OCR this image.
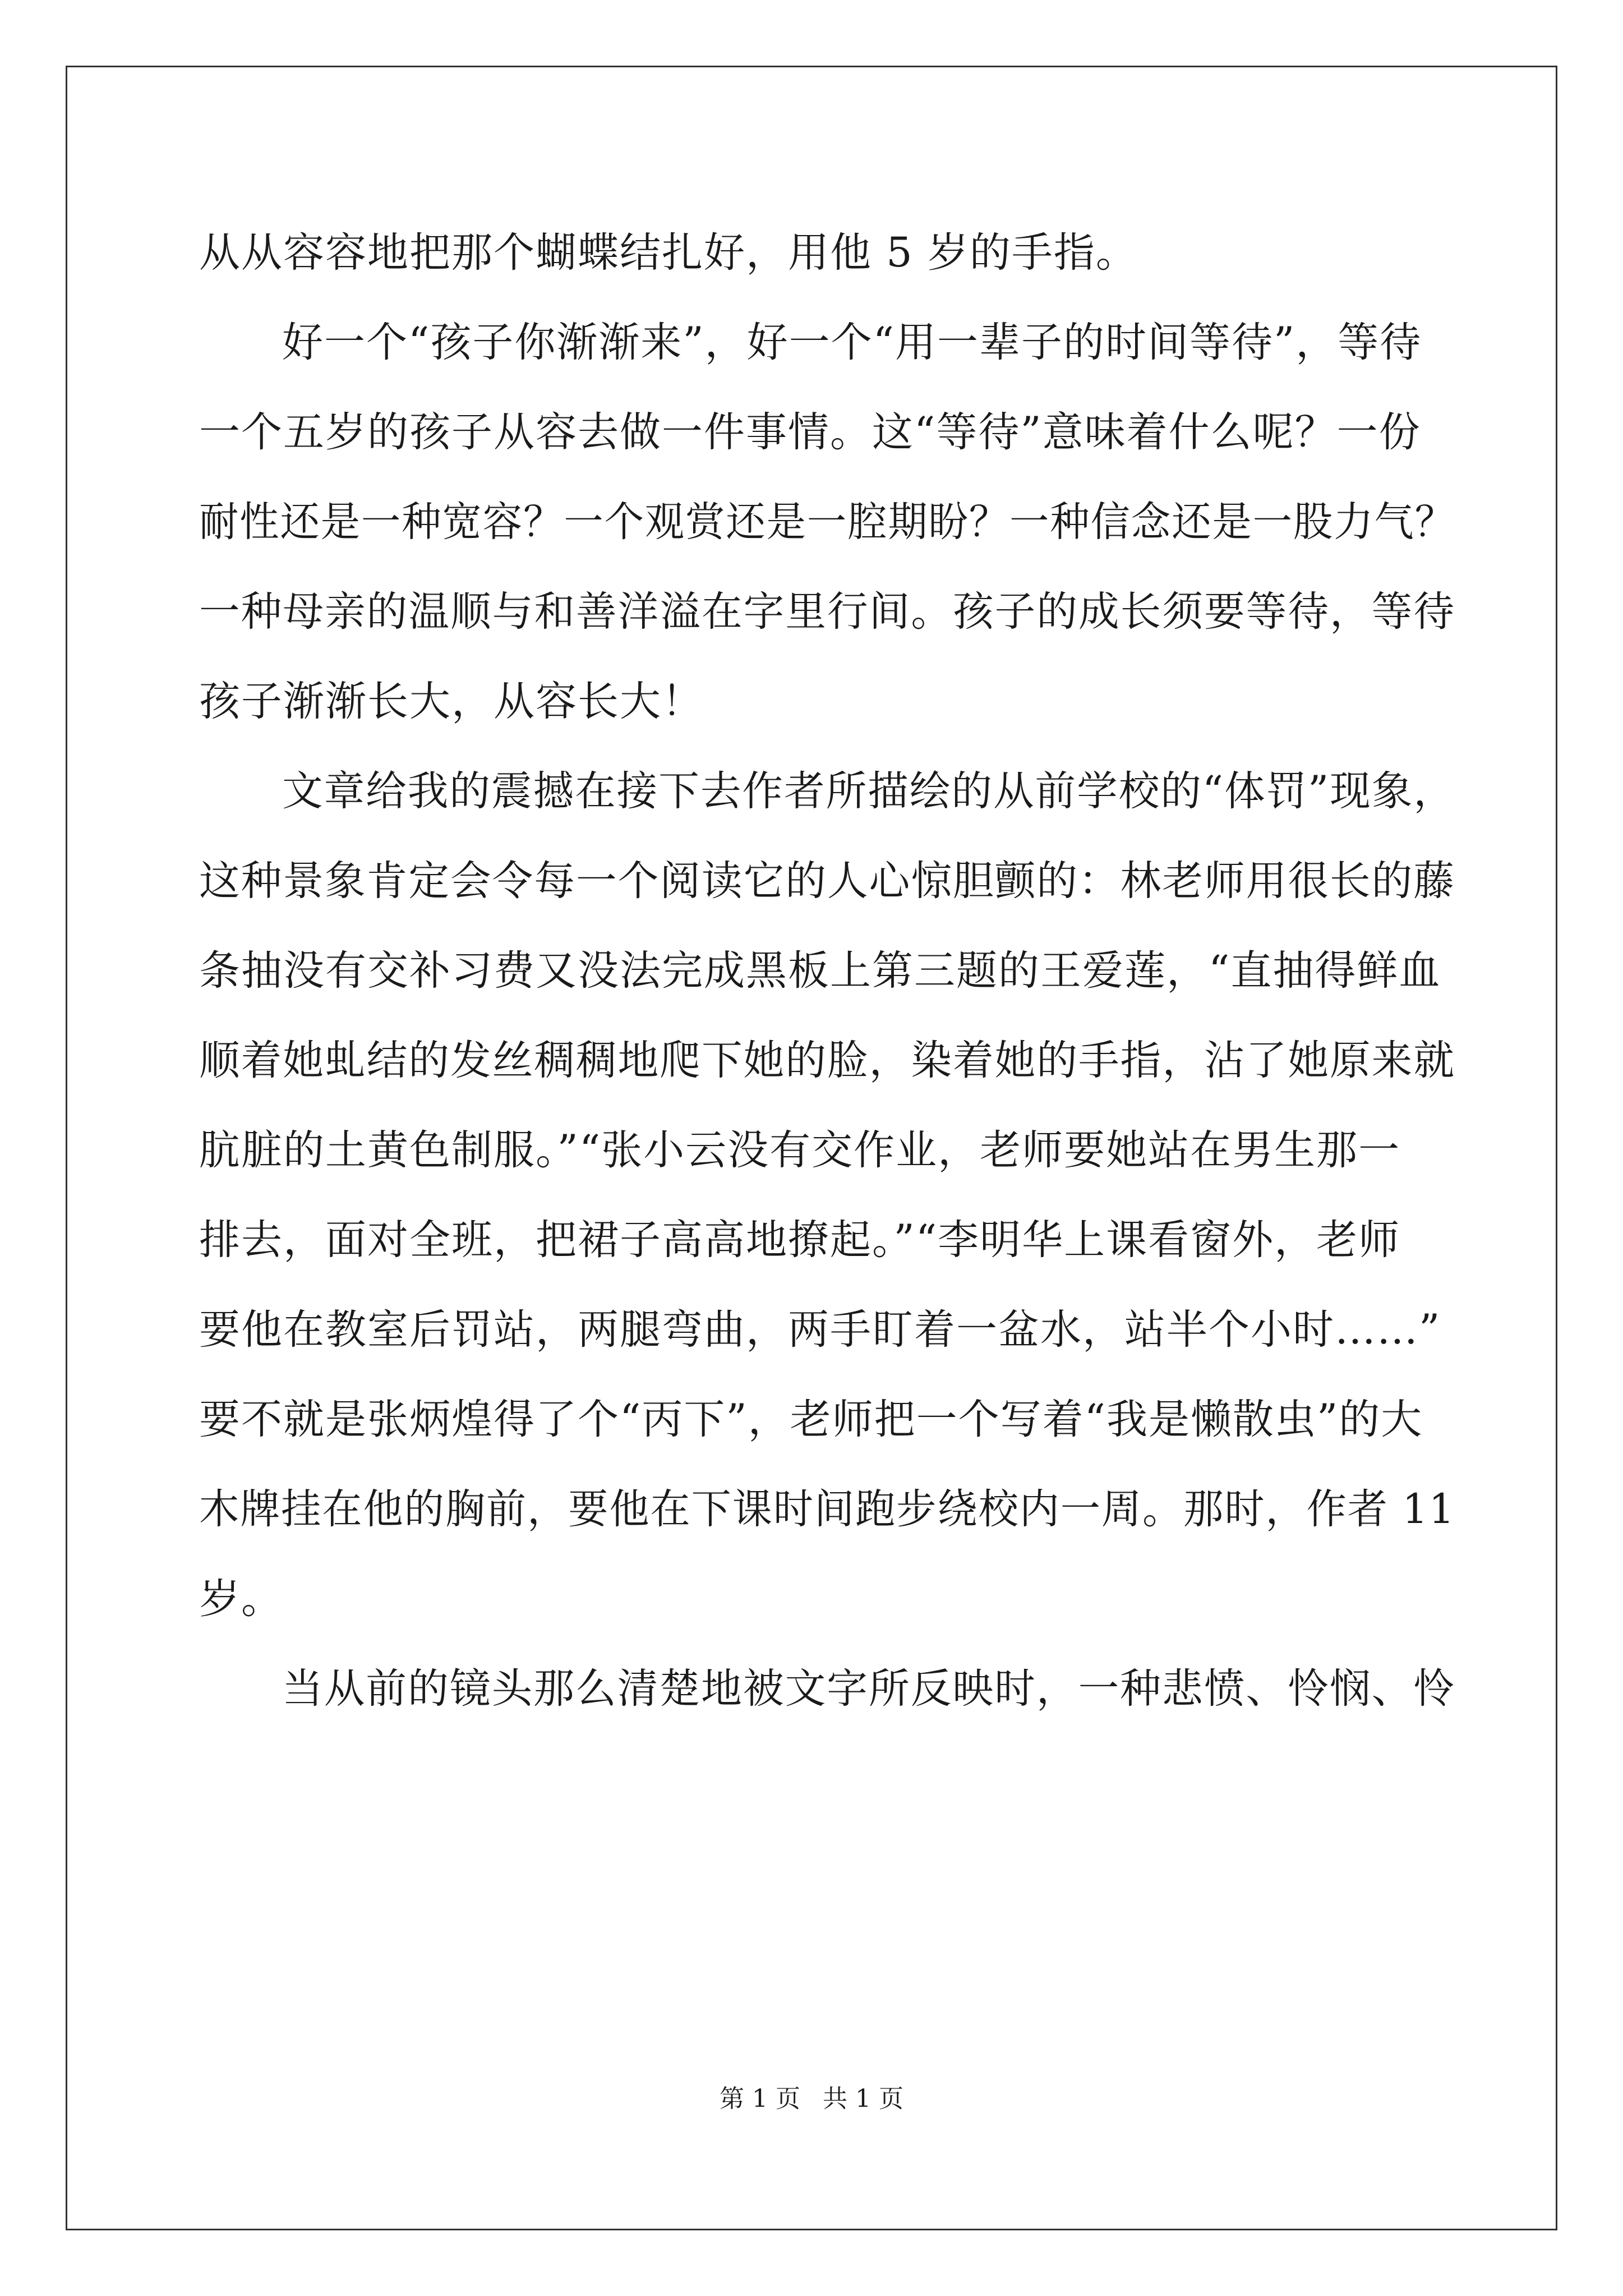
从从容容地把那个蝴蝶结扎好，用他 5 岁的手指。
好一个“孩子你渐渐来”，好一个“用一辈子的时间等待”，等待
一个五岁的孩子从容去做一件事情。这“等待”意味着什么呢？一份
耐性还是一种宽容？一个观赏还是一腔期盼？一种信念还是一股力气？
一种母亲的温顺与和善洋溢在字里行间。孩子的成长须要等待，等待
孩子渐渐长大，从容长大！
文章给我的震撼在接下去作者所描绘的从前学校的“体罚”现象，
这种景象肯定会令每一个阅读它的人心惊胆颤的：林老师用很长的藤
条抽没有交补习费又没法完成黑板上第三题的王爱莲，“直抽得鲜血
顺着她虬结的发丝稠稠地爬下她的脸，染着她的手指，沾了她原来就
肮脏的土黄色制服。”“张小云没有交作业，老师要她站在男生那一
排去，面对全班，把裙子高高地撩起。”“李明华上课看窗外，老师
要他在教室后罚站，两腿弯曲，两手盯着一盆水，站半个小时……”
要不就是张炳煌得了个“丙下”，老师把一个写着“我是懒散虫”的大
木牌挂在他的胸前，要他在下课时间跑步绕校内一周。那时，作者 11
岁。
当从前的镜头那么清楚地被文字所反映时，一种悲愤、怜悯、怜
第 1 页 共 1 页
